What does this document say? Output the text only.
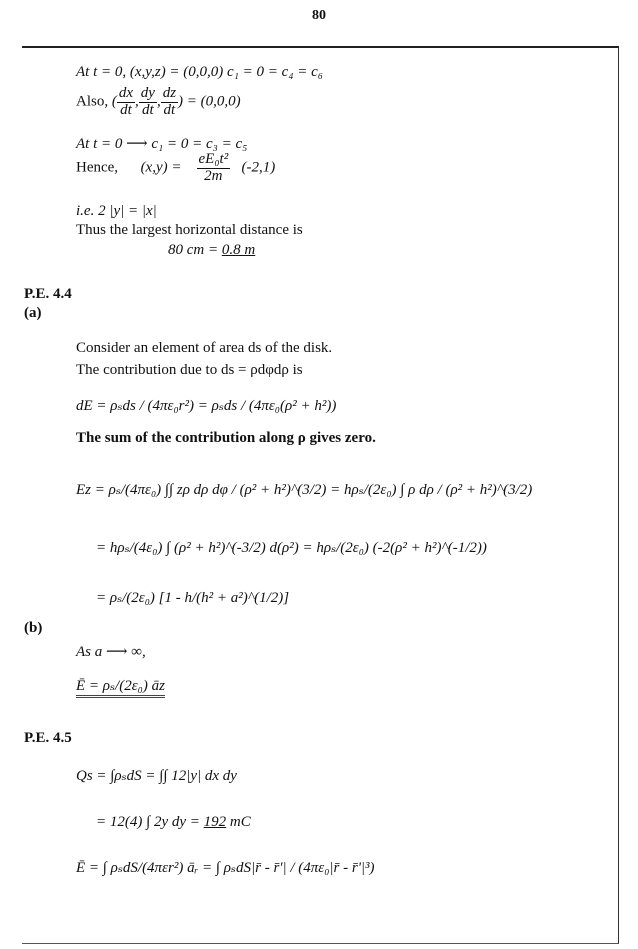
80
At t = 0, (x,y,z) = (0,0,0) c₁ = 0 = c₄ = c₆
Also, ( $\frac{dx}{dt}$ , $\frac{dy}{dt}$ , $\frac{dz}{dt}$ ) = (0,0,0)
At t = 0 ⟶ c₁ = 0 = c₃ = c₅
Hence, $(x,y) = \frac{\text{eE₀t²}}{2m} (-2,1)$
i.e. 2 |y| = |x|
Thus the largest horizontal distance is
80 cm = 0.8 m
P.E. 4.4
(a)
Consider an element of area ds of the disk.
The contribution due to ds = ρdφdρ is
dE = ρₛds / (4πε₀r²) = ρₛds / (4πε₀(ρ² + h²))
The sum of the contribution along ρ gives zero.
Ez = ρₛ/(4πε₀) ∫∫ zρ dρ dφ / (ρ² + h²)^(3/2) = hρₛ/(2ε₀) ∫ ρ dρ / (ρ² + h²)^(3/2)
= hρₛ/(4ε₀) ∫ (ρ² + h²)^(-3/2) d(ρ²) = hρₛ/(2ε₀) (-2(ρ² + h²)^(-1/2))
= ρₛ/(2ε₀) [1 - h/(h² + a²)^(1/2)]
(b)
As a ⟶ ∞,
Ē = ρₛ/(2ε₀) āz
P.E. 4.5
Qs = ∫ρₛdS = ∫∫ 12|y| dx dy
= 12(4) ∫ 2y dy = 192 mC
Ē = ∫ ρₛdS/(4πεr²) āᵣ = ∫ ρₛdS|r̄ - r̄'| / (4πε₀|r̄ - r̄'|³)
